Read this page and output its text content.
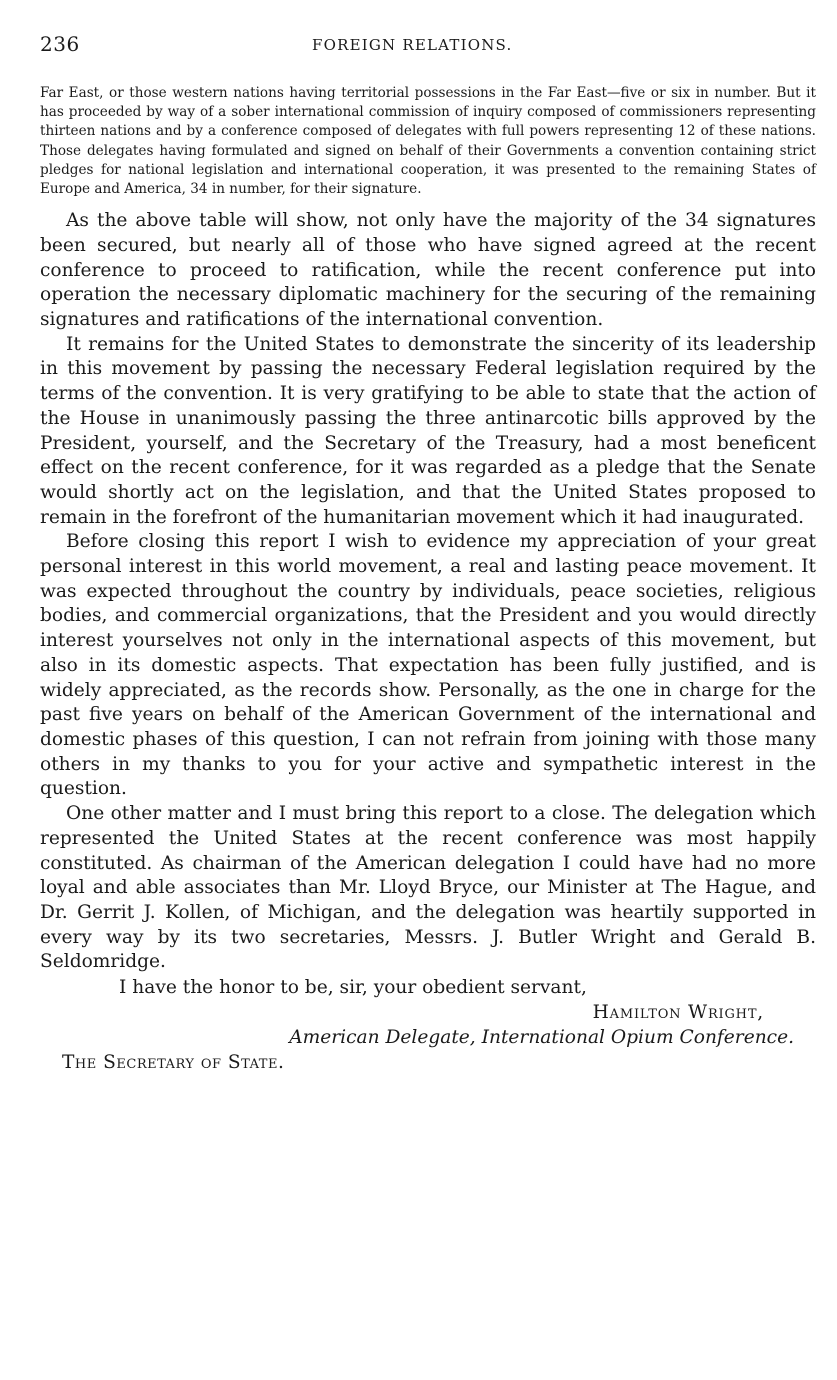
236	FOREIGN RELATIONS.
Far East, or those western nations having territorial possessions in the Far East—five or six in number. But it has proceeded by way of a sober international commission of inquiry composed of commissioners representing thirteen nations and by a conference composed of delegates with full powers representing 12 of these nations. Those delegates having formulated and signed on behalf of their Governments a convention containing strict pledges for national legislation and international cooperation, it was presented to the remaining States of Europe and America, 34 in number, for their signature.

As the above table will show, not only have the majority of the 34 signatures been secured, but nearly all of those who have signed agreed at the recent conference to proceed to ratification, while the recent conference put into operation the necessary diplomatic machinery for the securing of the remaining signatures and ratifications of the international convention.

It remains for the United States to demonstrate the sincerity of its leadership in this movement by passing the necessary Federal legislation required by the terms of the convention. It is very gratifying to be able to state that the action of the House in unanimously passing the three antinarcotic bills approved by the President, yourself, and the Secretary of the Treasury, had a most beneficent effect on the recent conference, for it was regarded as a pledge that the Senate would shortly act on the legislation, and that the United States proposed to remain in the forefront of the humanitarian movement which it had inaugurated.

Before closing this report I wish to evidence my appreciation of your great personal interest in this world movement, a real and lasting peace movement. It was expected throughout the country by individuals, peace societies, religious bodies, and commercial organizations, that the President and you would directly interest yourselves not only in the international aspects of this movement, but also in its domestic aspects. That expectation has been fully justified, and is widely appreciated, as the records show. Personally, as the one in charge for the past five years on behalf of the American Government of the international and domestic phases of this question, I can not refrain from joining with those many others in my thanks to you for your active and sympathetic interest in the question.

One other matter and I must bring this report to a close. The delegation which represented the United States at the recent conference was most happily constituted. As chairman of the American delegation I could have had no more loyal and able associates than Mr. Lloyd Bryce, our Minister at The Hague, and Dr. Gerrit J. Kollen, of Michigan, and the delegation was heartily supported in every way by its two secretaries, Messrs. J. Butler Wright and Gerald B. Seldomridge.

I have the honor to be, sir, your obedient servant,

Hamilton Wright,

American Delegate, International Opium Conference.

The Secretary of State.
